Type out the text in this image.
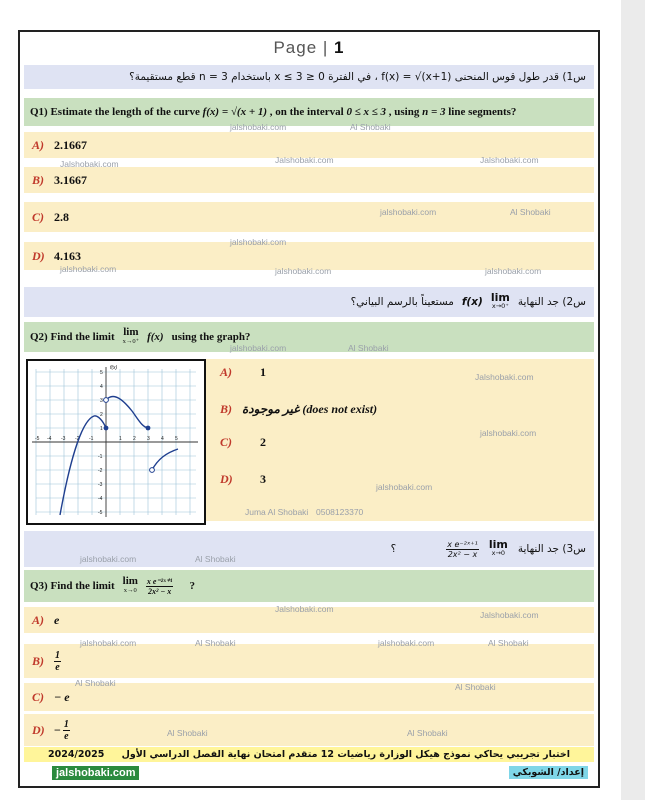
Page | 1
س1) قدر طول قوس المنحنى f(x) = √(x+1) ، في الفترة 0 ≤ x ≤ 3 باستخدام n = 3 قطع مستقيمة؟
Q1) Estimate the length of the curve f(x) = √(x + 1) , on the interval 0 ≤ x ≤ 3 , using n = 3 line segments?
A) 2.1667
B) 3.1667
C) 2.8
D) 4.163
س2) جد النهاية
lim
x→0⁺
f(x)
مستعيناً بالرسم البياني؟
Q2) Find the limit lim
x→0⁺ f(x) using the graph?
A)	1
B) غير موجودة (does not exist)
C)	2
D)	3
-5 -4 -3 -2 -1	1 2 3 4 5
5
4
3
2
1
-1
-2
-3
-4
-5
f(x)
س3) جد النهاية
lim
x→0
$\frac{\text{x e⁻²ˣ⁺¹}}{\text{2x² − x}}$
؟
Q3) Find the limit lim
$x\to 0 \frac{\text{x e⁻²ˣ⁺¹}}{\text{2x² − x}}$ ?
A) e
B)	$\frac{1}{e}$
C) − e
$D) - \frac{1}{e}$
jalshobaki.com	Al Shobaki
Jalshobaki.com	Jalshobaki.com	Jalshobaki.com
jalshobaki.com	Al Shobaki
jalshobaki.com
jalshobaki.com	jalshobaki.com	jalshobaki.com
jalshobaki.com	Al Shobaki
Jalshobaki.com
jalshobaki.com
jalshobaki.com
Juma Al Shobaki 0508123370
jalshobaki.com	Al Shobaki
Jalshobaki.com
Jalshobaki.com
jalshobaki.com	Al Shobaki	jalshobaki.com	Al Shobaki
Al Shobaki	Al Shobaki
Al Shobaki	Al Shobaki
اختبار تجريبي يحاكي نموذج هيكل الوزارة رياضيات 12 متقدم امتحان نهاية الفصل الدراسي الأول 2024/2025
jalshobaki.com	إعداد/ الشوبكي
